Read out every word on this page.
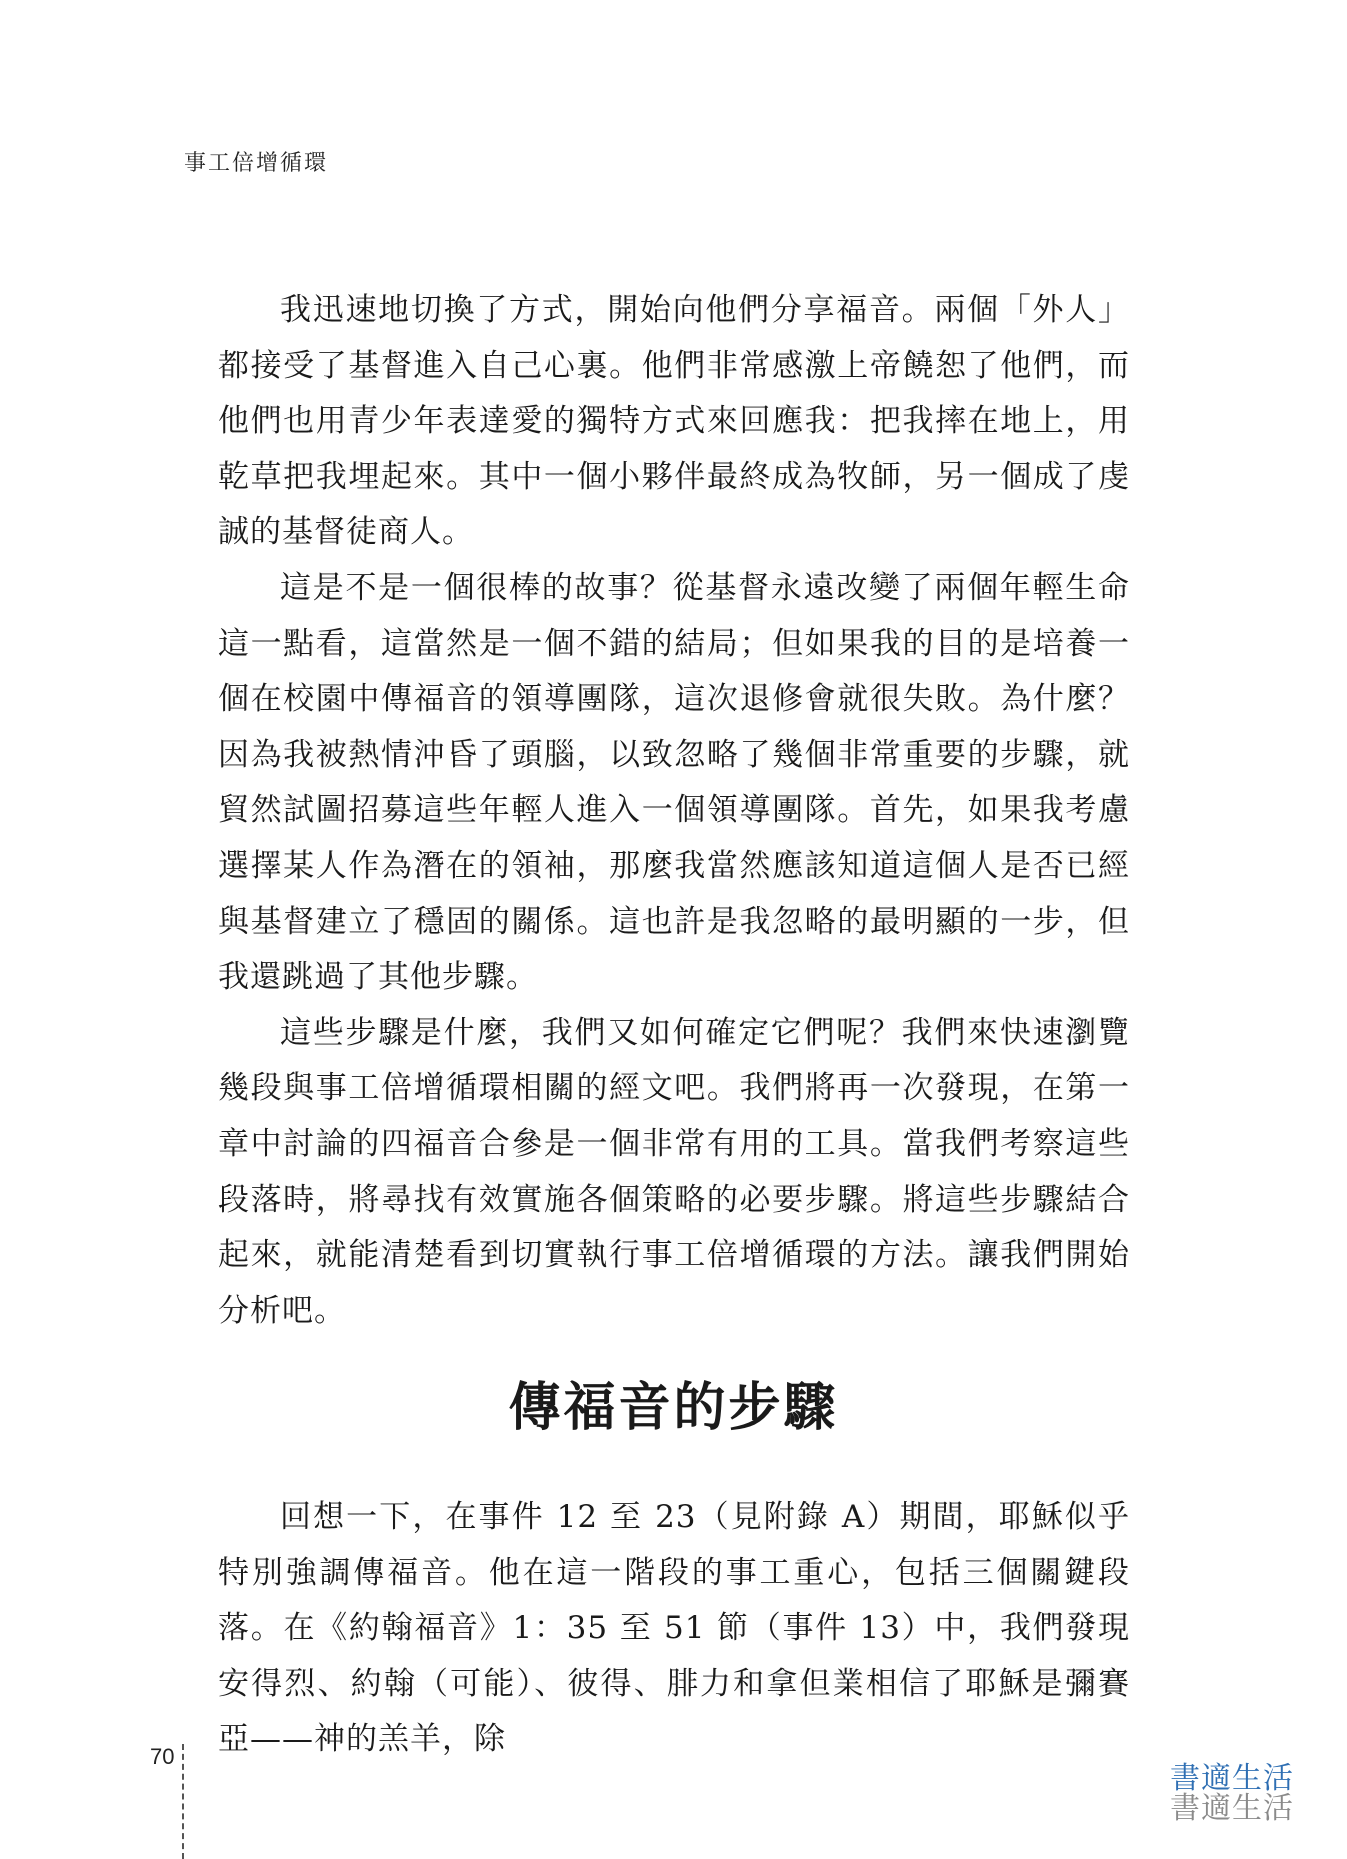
事工倍增循環

我迅速地切換了方式，開始向他們分享福音。兩個「外人」都接受了基督進入自己心裏。他們非常感激上帝饒恕了他們，而他們也用青少年表達愛的獨特方式來回應我：把我摔在地上，用乾草把我埋起來。其中一個小夥伴最終成為牧師，另一個成了虔誠的基督徒商人。

這是不是一個很棒的故事？從基督永遠改變了兩個年輕生命這一點看，這當然是一個不錯的結局；但如果我的目的是培養一個在校園中傳福音的領導團隊，這次退修會就很失敗。為什麼？因為我被熱情沖昏了頭腦，以致忽略了幾個非常重要的步驟，就貿然試圖招募這些年輕人進入一個領導團隊。首先，如果我考慮選擇某人作為潛在的領袖，那麼我當然應該知道這個人是否已經與基督建立了穩固的關係。這也許是我忽略的最明顯的一步，但我還跳過了其他步驟。

這些步驟是什麼，我們又如何確定它們呢？我們來快速瀏覽幾段與事工倍增循環相關的經文吧。我們將再一次發現，在第一章中討論的四福音合參是一個非常有用的工具。當我們考察這些段落時，將尋找有效實施各個策略的必要步驟。將這些步驟結合起來，就能清楚看到切實執行事工倍增循環的方法。讓我們開始分析吧。

傳福音的步驟

回想一下，在事件 12 至 23（見附錄 A）期間，耶穌似乎特別強調傳福音。他在這一階段的事工重心，包括三個關鍵段落。在《約翰福音》1：35 至 51 節（事件 13）中，我們發現安得烈、約翰（可能）、彼得、腓力和拿但業相信了耶穌是彌賽亞——神的羔羊，除

70
書適生活
書適生活
